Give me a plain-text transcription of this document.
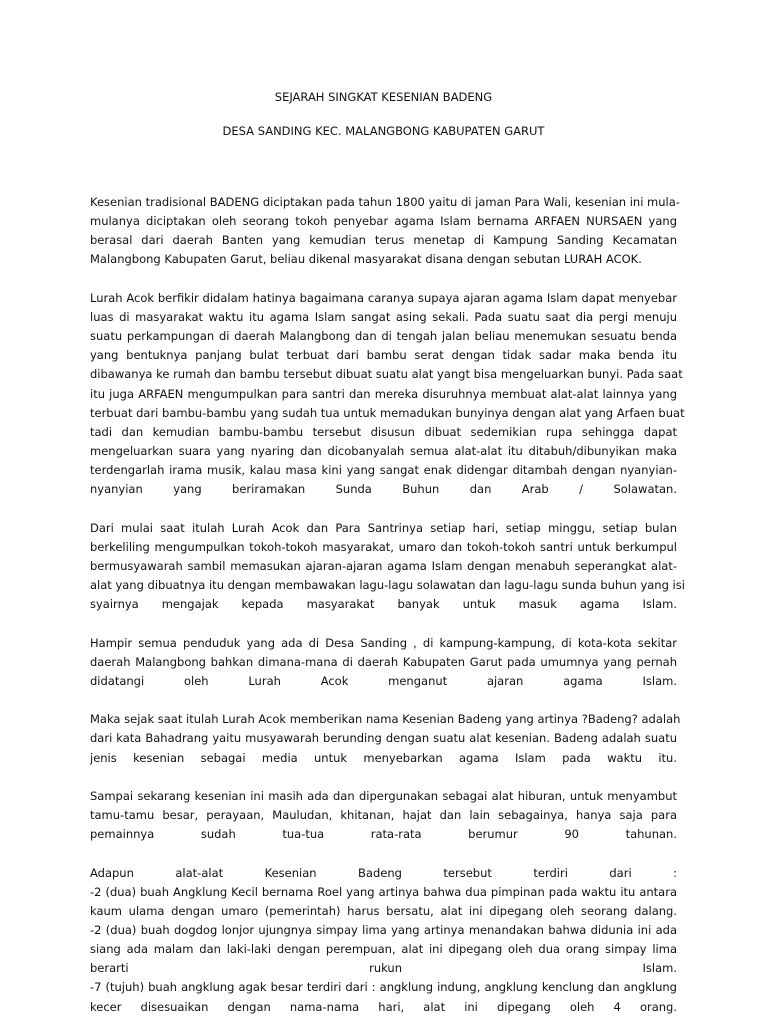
SEJARAH SINGKAT KESENIAN BADENG
DESA SANDING KEC. MALANGBONG KABUPATEN GARUT
Kesenian tradisional BADENG diciptakan pada tahun 1800 yaitu di jaman Para Wali, kesenian ini mula-
mulanya diciptakan oleh seorang tokoh penyebar agama Islam bernama ARFAEN NURSAEN yang
berasal dari daerah Banten yang kemudian terus menetap di Kampung Sanding Kecamatan
Malangbong Kabupaten Garut, beliau dikenal masyarakat disana dengan sebutan LURAH ACOK.
Lurah Acok berfikir didalam hatinya bagaimana caranya supaya ajaran agama Islam dapat menyebar
luas di masyarakat waktu itu agama Islam sangat asing sekali. Pada suatu saat dia pergi menuju
suatu perkampungan di daerah Malangbong dan di tengah jalan beliau menemukan sesuatu benda
yang bentuknya panjang bulat terbuat dari bambu serat dengan tidak sadar maka benda itu
dibawanya ke rumah dan bambu tersebut dibuat suatu alat yangt bisa mengeluarkan bunyi. Pada saat
itu juga ARFAEN mengumpulkan para santri dan mereka disuruhnya membuat alat-alat lainnya yang
terbuat dari bambu-bambu yang sudah tua untuk memadukan bunyinya dengan alat yang Arfaen buat
tadi dan kemudian bambu-bambu tersebut disusun dibuat sedemikian rupa sehingga dapat
mengeluarkan suara yang nyaring dan dicobanyalah semua alat-alat itu ditabuh/dibunyikan maka
terdengarlah irama musik, kalau masa kini yang sangat enak didengar ditambah dengan nyanyian-
nyanyian yang beriramakan Sunda Buhun dan Arab / Solawatan.
Dari mulai saat itulah Lurah Acok dan Para Santrinya setiap hari, setiap minggu, setiap bulan
berkeliling mengumpulkan tokoh-tokoh masyarakat, umaro dan tokoh-tokoh santri untuk berkumpul
bermusyawarah sambil memasukan ajaran-ajaran agama Islam dengan menabuh seperangkat alat-
alat yang dibuatnya itu dengan membawakan lagu-lagu solawatan dan lagu-lagu sunda buhun yang isi
syairnya mengajak kepada masyarakat banyak untuk masuk agama Islam.
Hampir semua penduduk yang ada di Desa Sanding , di kampung-kampung, di kota-kota sekitar
daerah Malangbong bahkan dimana-mana di daerah Kabupaten Garut pada umumnya yang pernah
didatangi oleh Lurah Acok menganut ajaran agama Islam.
Maka sejak saat itulah Lurah Acok memberikan nama Kesenian Badeng yang artinya ?Badeng? adalah
dari kata Bahadrang yaitu musyawarah berunding dengan suatu alat kesenian. Badeng adalah suatu
jenis kesenian sebagai media untuk menyebarkan agama Islam pada waktu itu.
Sampai sekarang kesenian ini masih ada dan dipergunakan sebagai alat hiburan, untuk menyambut
tamu-tamu besar, perayaan, Mauludan, khitanan, hajat dan lain sebagainya, hanya saja para
pemainnya sudah tua-tua rata-rata berumur 90 tahunan.
Adapun alat-alat Kesenian Badeng tersebut terdiri dari :
-2 (dua) buah Angklung Kecil bernama Roel yang artinya bahwa dua pimpinan pada waktu itu antara
kaum ulama dengan umaro (pemerintah) harus bersatu, alat ini dipegang oleh seorang dalang.
-2 (dua) buah dogdog lonjor ujungnya simpay lima yang artinya menandakan bahwa didunia ini ada
siang ada malam dan laki-laki dengan perempuan, alat ini dipegang oleh dua orang simpay lima
berarti rukun Islam.
-7 (tujuh) buah angklung agak besar terdiri dari : angklung indung, angklung kenclung dan angklung
kecer disesuaikan dengan nama-nama hari, alat ini dipegang oleh 4 orang.
